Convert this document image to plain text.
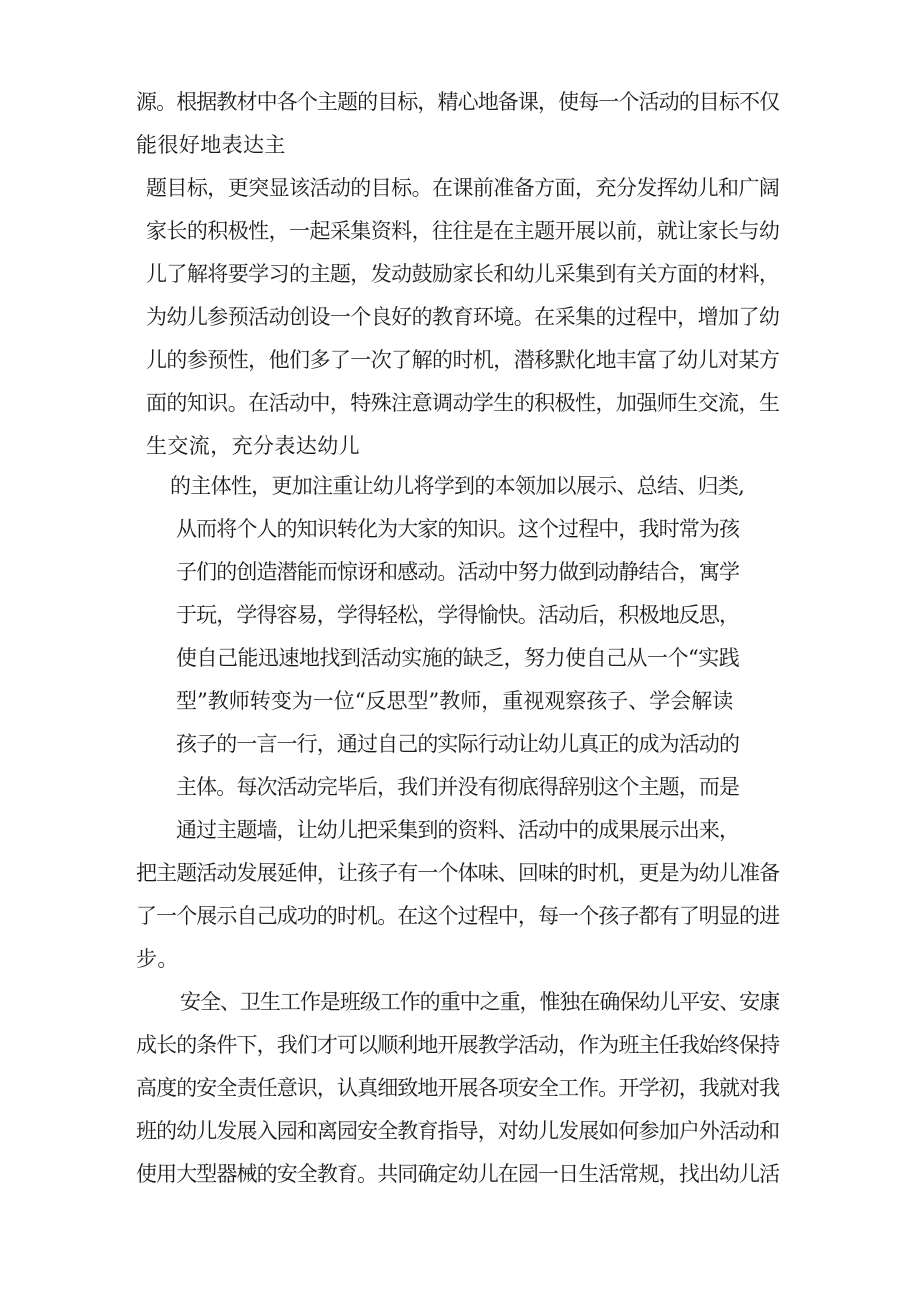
源。根据教材中各个主题的目标，精心地备课，使每一个活动的目标不仅
能很好地表达主
题目标，更突显该活动的目标。在课前准备方面，充分发挥幼儿和广阔
家长的积极性，一起采集资料，往往是在主题开展以前，就让家长与幼
儿了解将要学习的主题，发动鼓励家长和幼儿采集到有关方面的材料，
为幼儿参预活动创设一个良好的教育环境。在采集的过程中，增加了幼
儿的参预性，他们多了一次了解的时机，潜移默化地丰富了幼儿对某方
面的知识。在活动中，特殊注意调动学生的积极性，加强师生交流，生
生交流，充分表达幼儿
的主体性，更加注重让幼儿将学到的本领加以展示、总结、归类,
从而将个人的知识转化为大家的知识。这个过程中，我时常为孩
子们的创造潜能而惊讶和感动。活动中努力做到动静结合，寓学
于玩，学得容易，学得轻松，学得愉快。活动后，积极地反思，
使自己能迅速地找到活动实施的缺乏，努力使自己从一个“实践
型”教师转变为一位“反思型”教师，重视观察孩子、学会解读
孩子的一言一行，通过自己的实际行动让幼儿真正的成为活动的
主体。每次活动完毕后，我们并没有彻底得辞别这个主题，而是
通过主题墙，让幼儿把采集到的资料、活动中的成果展示出来，
把主题活动发展延伸，让孩子有一个体味、回味的时机，更是为幼儿准备
了一个展示自己成功的时机。在这个过程中，每一个孩子都有了明显的进
步。
安全、卫生工作是班级工作的重中之重，惟独在确保幼儿平安、安康
成长的条件下，我们才可以顺利地开展教学活动，作为班主任我始终保持
高度的安全责任意识，认真细致地开展各项安全工作。开学初，我就对我
班的幼儿发展入园和离园安全教育指导，对幼儿发展如何参加户外活动和
使用大型器械的安全教育。共同确定幼儿在园一日生活常规，找出幼儿活
